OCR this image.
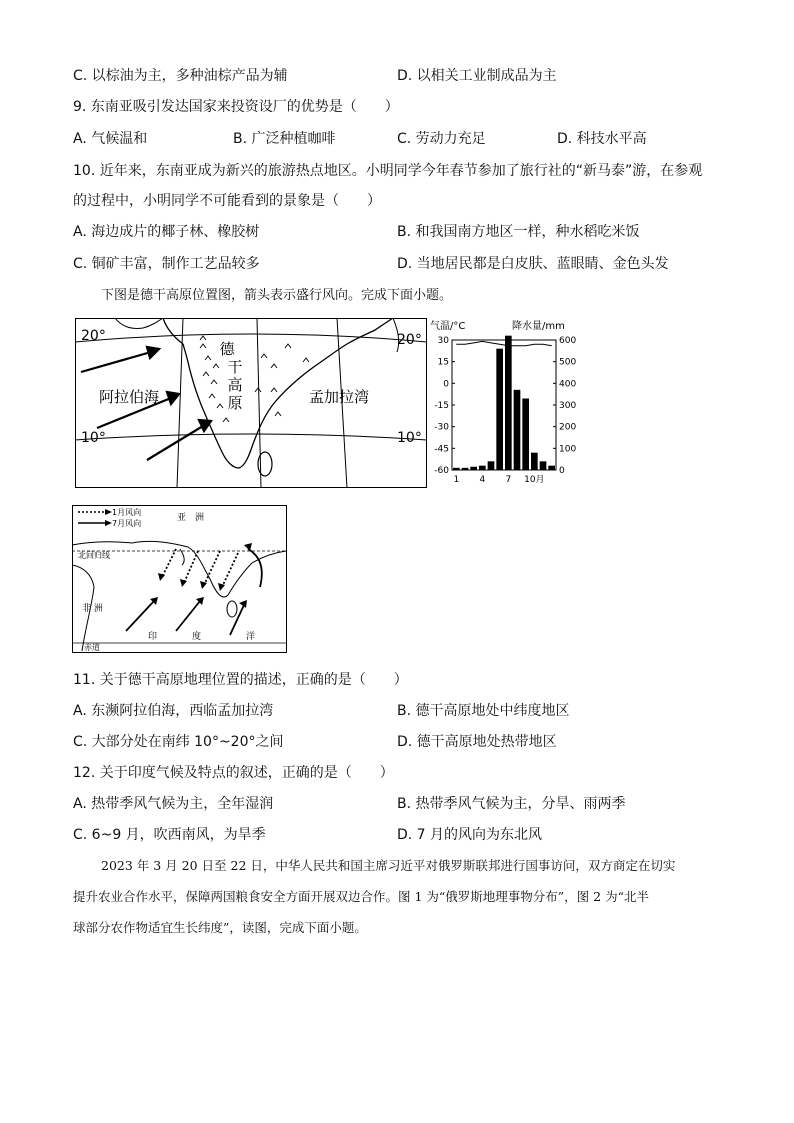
C. 以棕油为主，多种油棕产品为辅	D. 以相关工业制成品为主
9. 东南亚吸引发达国家来投资设厂的优势是（　　）
A. 气候温和	B. 广泛种植咖啡	C. 劳动力充足	D. 科技水平高
10. 近年来，东南亚成为新兴的旅游热点地区。小明同学今年春节参加了旅行社的“新马泰”游，在参观
的过程中，小明同学不可能看到的景象是（　　）
A. 海边成片的椰子林、橡胶树	B. 和我国南方地区一样，种水稻吃米饭
C. 铜矿丰富，制作工艺品较多	D. 当地居民都是白皮肤、蓝眼睛、金色头发
下图是德干高原位置图，箭头表示盛行风向。完成下面小题。
20°	20°
10°	10°
德
干
高
原
阿拉伯海	孟加拉湾
气温/°C	降水量/mm
30
15
0
-15
-30
-45
-60
600
500
400
300
200
100
0
1 4 7 10月
1月风向
7月风向
亚　洲
北回归线
非 洲
印	度	洋
赤道
11. 关于德干高原地理位置的描述，正确的是（　　）
A. 东濒阿拉伯海，西临孟加拉湾	B. 德干高原地处中纬度地区
C. 大部分处在南纬 10°~20°之间	D. 德干高原地处热带地区
12. 关于印度气候及特点的叙述，正确的是（　　）
A. 热带季风气候为主，全年湿润	B. 热带季风气候为主，分旱、雨两季
C. 6~9 月，吹西南风，为旱季	D. 7 月的风向为东北风
2023 年 3 月 20 日至 22 日，中华人民共和国主席习近平对俄罗斯联邦进行国事访问，双方商定在切实
提升农业合作水平，保障两国粮食安全方面开展双边合作。图 1 为“俄罗斯地理事物分布”，图 2 为“北半
球部分农作物适宜生长纬度”，读图，完成下面小题。
